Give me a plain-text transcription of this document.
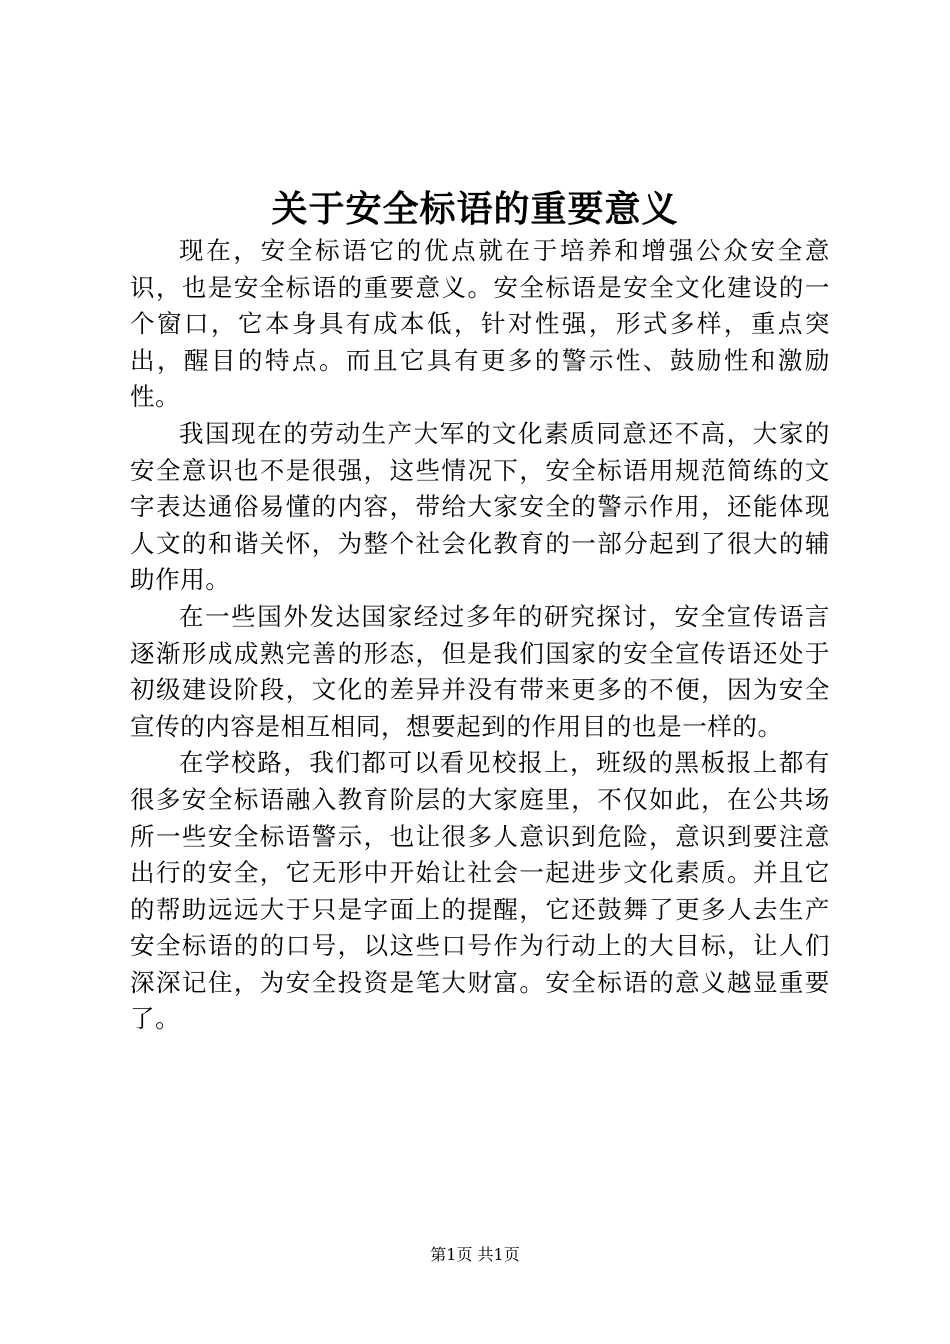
关于安全标语的重要意义

现在，安全标语它的优点就在于培养和增强公众安全意识，也是安全标语的重要意义。安全标语是安全文化建设的一个窗口，它本身具有成本低，针对性强，形式多样，重点突出，醒目的特点。而且它具有更多的警示性、鼓励性和激励性。

我国现在的劳动生产大军的文化素质同意还不高，大家的安全意识也不是很强，这些情况下，安全标语用规范简练的文字表达通俗易懂的内容，带给大家安全的警示作用，还能体现人文的和谐关怀，为整个社会化教育的一部分起到了很大的辅助作用。

在一些国外发达国家经过多年的研究探讨，安全宣传语言逐渐形成成熟完善的形态，但是我们国家的安全宣传语还处于初级建设阶段，文化的差异并没有带来更多的不便，因为安全宣传的内容是相互相同，想要起到的作用目的也是一样的。

在学校路，我们都可以看见校报上，班级的黑板报上都有很多安全标语融入教育阶层的大家庭里，不仅如此，在公共场所一些安全标语警示，也让很多人意识到危险，意识到要注意出行的安全，它无形中开始让社会一起进步文化素质。并且它的帮助远远大于只是字面上的提醒，它还鼓舞了更多人去生产安全标语的的口号，以这些口号作为行动上的大目标，让人们深深记住，为安全投资是笔大财富。安全标语的意义越显重要了。

第1页 共1页
